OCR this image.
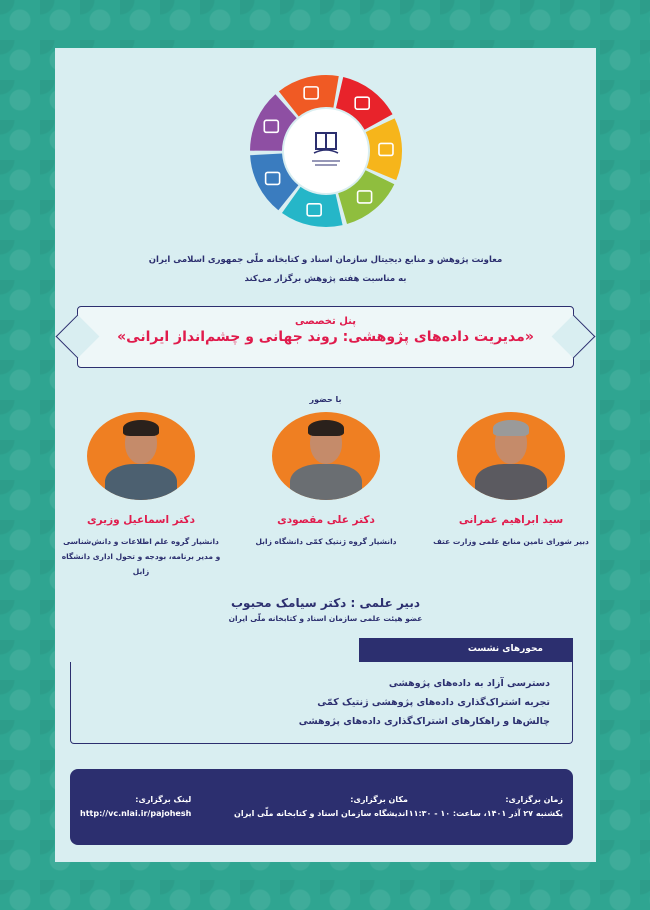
معاونت پژوهش و منابع دیجیتال سازمان اسناد و کتابخانه ملّی جمهوری اسلامی ایران
به مناسبت هفته پژوهش برگزار می‌کند
پنل تخصصی
«مدیریت داده‌های پژوهشی: روند جهانی و چشم‌انداز ایرانی»
با حضور
سید ابراهیم عمرانی
دبیر شورای تامین منابع علمی وزارت عتف
دکتر علی مقصودی
دانشیار گروه ژنتیک کمّی دانشگاه زابل
دکتر اسماعیل وزیری
دانشیار گروه علم اطلاعات و دانش‌شناسی
و مدیر برنامه، بودجه و تحول اداری دانشگاه زابل
دبیر علمی : دکتر سیامک محبوب
عضو هیئت علمی سازمان اسناد و کتابخانه ملّی ایران
محورهای نشست
دسترسی آزاد به داده‌های پژوهشی
تجربه اشتراک‌گذاری داده‌های پژوهشی ژنتیک کمّی
چالش‌ها و راهکارهای اشتراک‌گذاری داده‌های پژوهشی
زمان برگزاری:
یکشنبه ۲۷ آذر ۱۴۰۱، ساعت: ۱۰ - ۱۱:۳۰
مکان برگزاری:
اندیشگاه سازمان اسناد و کتابخانه ملّی ایران
لینک برگزاری:
http://vc.nlai.ir/pajohesh
